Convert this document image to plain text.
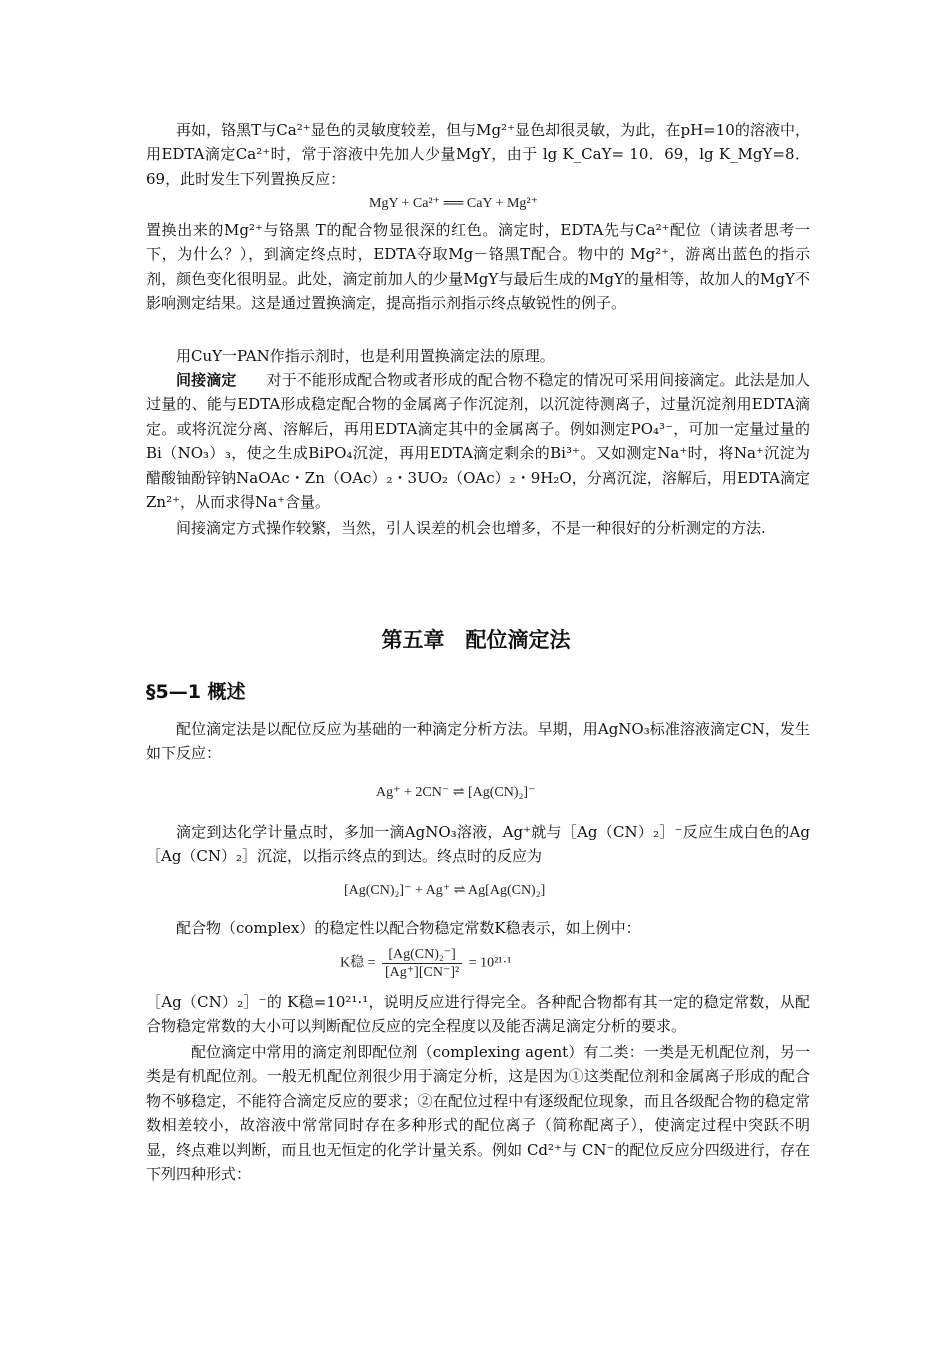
再如，铬黑T与Ca²⁺显色的灵敏度较差，但与Mg²⁺显色却很灵敏，为此，在pH=10的溶液中，用EDTA滴定Ca²⁺时，常于溶液中先加人少量MgY，由于 lg K_CaY= 10．69，lg K_MgY=8．69，此时发生下列置换反应：

MgY + Ca²⁺ ══ CaY + Mg²⁺

置换出来的Mg²⁺与铬黑 T的配合物显很深的红色。滴定时，EDTA先与Ca²⁺配位（请读者思考一下，为什么？），到滴定终点时，EDTA夺取Mg－铬黑T配合。物中的 Mg²⁺，游离出蓝色的指示剂，颜色变化很明显。此处，滴定前加人的少量MgY与最后生成的MgY的量相等，故加人的MgY不影响测定结果。这是通过置换滴定，提高指示剂指示终点敏锐性的例子。

用CuY一PAN作指示剂时，也是利用置换滴定法的原理。

间接滴定　　 对于不能形成配合物或者形成的配合物不稳定的情况可采用间接滴定。此法是加人过量的、能与EDTA形成稳定配合物的金属离子作沉淀剂，以沉淀待测离子，过量沉淀剂用EDTA滴定。或将沉淀分离、溶解后，再用EDTA滴定其中的金属离子。例如测定PO₄³⁻，可加一定量过量的Bi（NO₃）₃，使之生成BiPO₄沉淀，再用EDTA滴定剩余的Bi³⁺。又如测定Na⁺时，将Na⁺沉淀为醋酸铀酚锌钠NaOAc・Zn（OAc）₂・3UO₂（OAc）₂・9H₂O，分离沉淀，溶解后，用EDTA滴定Zn²⁺，从而求得Na⁺含量。

间接滴定方式操作较繁，当然，引人误差的机会也增多，不是一种很好的分析测定的方法.

第五章　配位滴定法
§5—1 概述

配位滴定法是以配位反应为基础的一种滴定分析方法。早期，用AgNO₃标准溶液滴定CN，发生如下反应：

Ag⁺ + 2CN⁻ ⇌ [Ag(CN)₂]⁻

滴定到达化学计量点时，多加一滴AgNO₃溶液，Ag⁺就与［Ag（CN）₂］⁻反应生成白色的Ag［Ag（CN）₂］沉淀，以指示终点的到达。终点时的反应为

[Ag(CN)₂]⁻ + Ag⁺ ⇌ Ag[Ag(CN)₂]

配合物（complex）的稳定性以配合物稳定常数K稳表示，如上例中：

K稳 = $\frac{\text{[Ag(CN)₂⁻]}}{\text{[Ag⁺][CN⁻]²}} = 10^{21}\cdot^1$

［Ag（CN）₂］⁻的 K稳=10²¹·¹，说明反应进行得完全。各种配合物都有其一定的稳定常数，从配合物稳定常数的大小可以判断配位反应的完全程度以及能否满足滴定分析的要求。

配位滴定中常用的滴定剂即配位剂（complexing agent）有二类：一类是无机配位剂，另一类是有机配位剂。一般无机配位剂很少用于滴定分析，这是因为①这类配位剂和金属离子形成的配合物不够稳定，不能符合滴定反应的要求；②在配位过程中有逐级配位现象，而且各级配合物的稳定常数相差较小，故溶液中常常同时存在多种形式的配位离子（简称配离子），使滴定过程中突跃不明显，终点难以判断，而且也无恒定的化学计量关系。例如 Cd²⁺与 CN⁻的配位反应分四级进行，存在下列四种形式：
